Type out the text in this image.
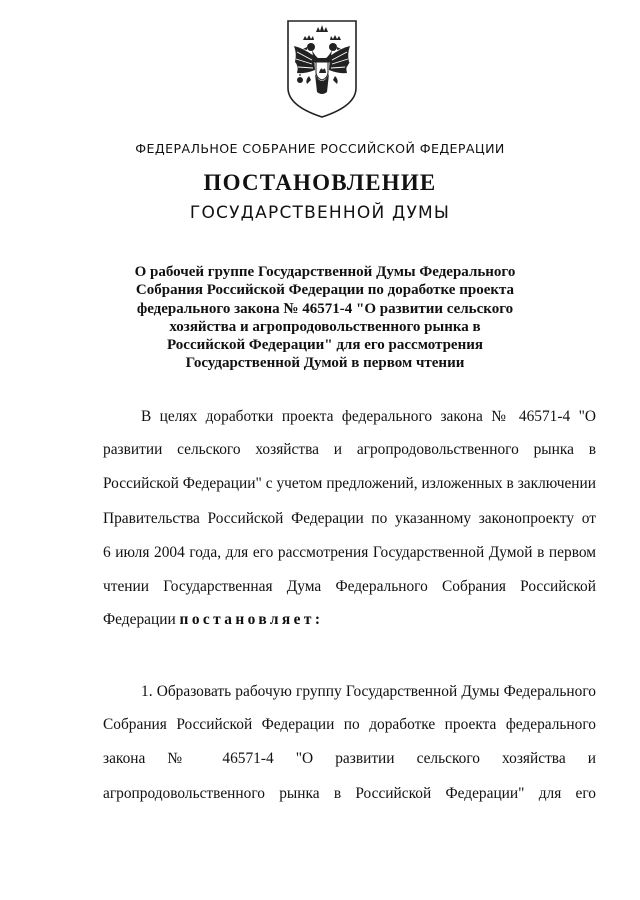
ФЕДЕРАЛЬНОЕ СОБРАНИЕ РОССИЙСКОЙ ФЕДЕРАЦИИ
ПОСТАНОВЛЕНИЕ
ГОСУДАРСТВЕННОЙ ДУМЫ
О рабочей группе Государственной Думы Федерального
Собрания Российской Федерации по доработке проекта
федерального закона № 46571-4 "О развитии сельского
хозяйства и агропродовольственного рынка в
Российской Федерации" для его рассмотрения
Государственной Думой в первом чтении
В целях доработки проекта федерального закона № 46571-4 "О
развитии сельского хозяйства и агропродовольственного рынка в
Российской Федерации" с учетом предложений, изложенных в заключении
Правительства Российской Федерации по указанному законопроекту от
6 июля 2004 года, для его рассмотрения Государственной Думой в первом
чтении Государственная Дума Федерального Собрания Российской
Федерации постановляет:
1. Образовать рабочую группу Государственной Думы Федерального
Собрания Российской Федерации по доработке проекта федерального
закона № 46571-4 "О развитии сельского хозяйства и
агропродовольственного рынка в Российской Федерации" для его
